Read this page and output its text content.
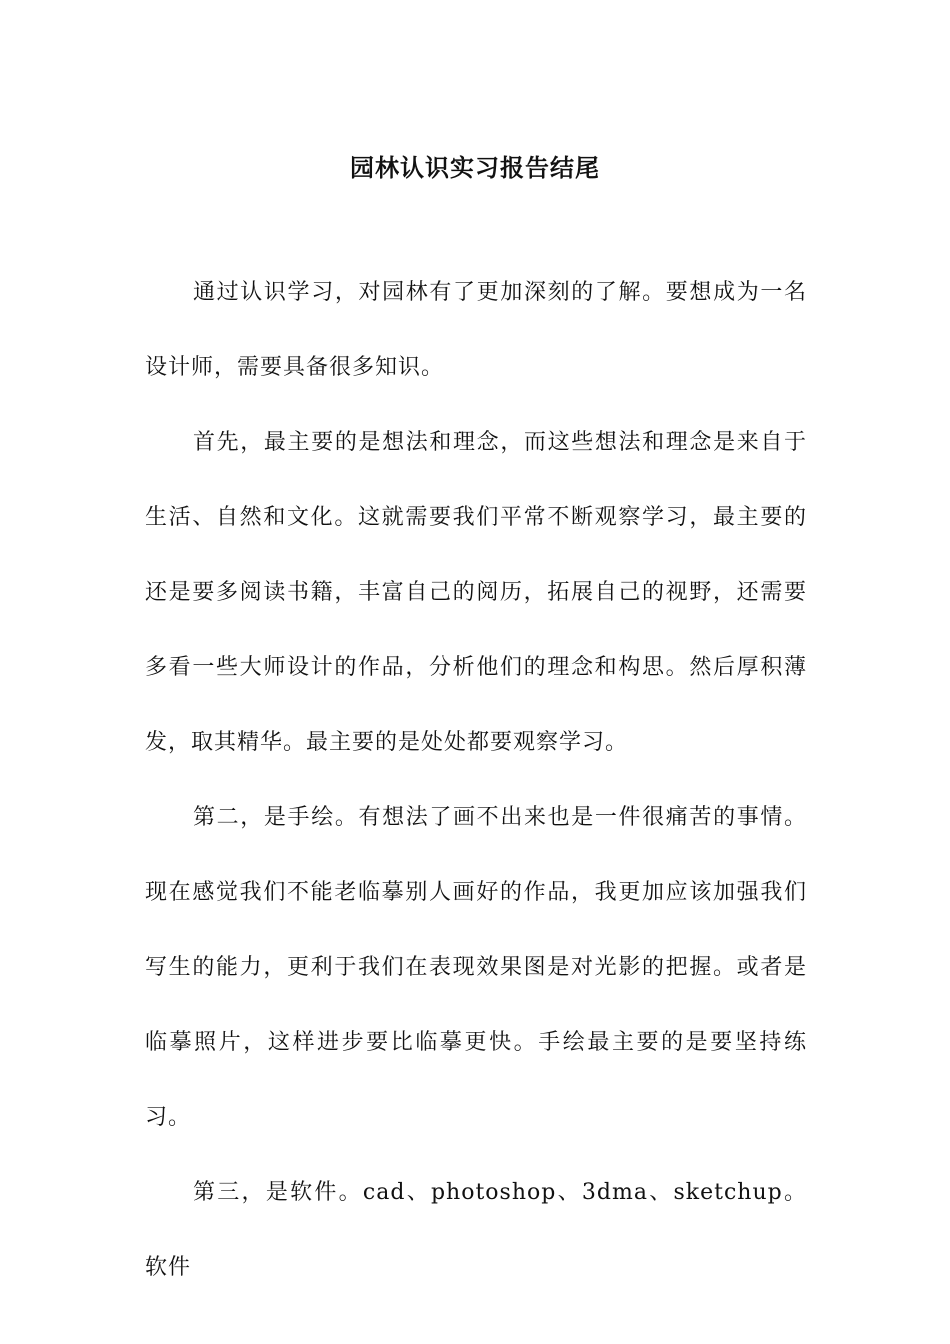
园林认识实习报告结尾

通过认识学习，对园林有了更加深刻的了解。要想成为一名设计师，需要具备很多知识。

首先，最主要的是想法和理念，而这些想法和理念是来自于生活、自然和文化。这就需要我们平常不断观察学习，最主要的还是要多阅读书籍，丰富自己的阅历，拓展自己的视野，还需要多看一些大师设计的作品，分析他们的理念和构思。然后厚积薄发，取其精华。最主要的是处处都要观察学习。

第二，是手绘。有想法了画不出来也是一件很痛苦的事情。现在感觉我们不能老临摹别人画好的作品，我更加应该加强我们写生的能力，更利于我们在表现效果图是对光影的把握。或者是临摹照片，这样进步要比临摹更快。手绘最主要的是要坚持练习。

第三，是软件。cad、photoshop、3dma、sketchup。软件
